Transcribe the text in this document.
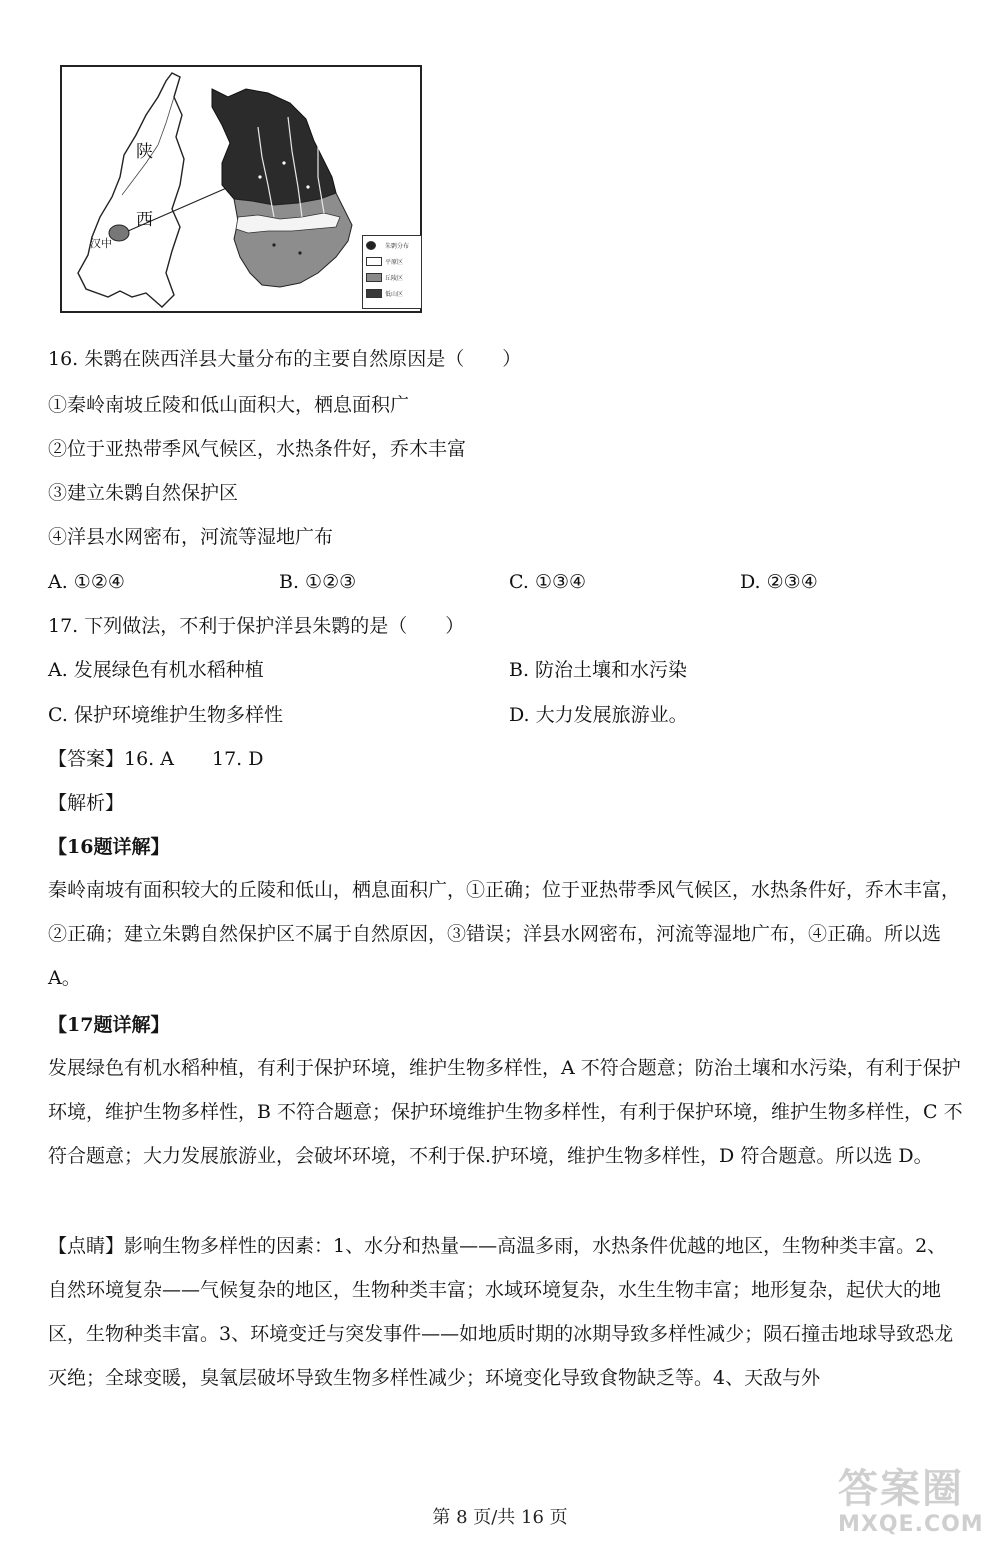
陕
西
汉中	朱鹮分布
平原区
丘陵区
低山区
16. 朱鹮在陕西洋县大量分布的主要自然原因是（　　）
①秦岭南坡丘陵和低山面积大，栖息面积广
②位于亚热带季风气候区，水热条件好，乔木丰富
③建立朱鹮自然保护区
④洋县水网密布，河流等湿地广布
A. ①②④	B. ①②③	C. ①③④	D. ②③④
17. 下列做法，不利于保护洋县朱鹮的是（　　）
A. 发展绿色有机水稻种植	B. 防治土壤和水污染
C. 保护环境维护生物多样性	D. 大力发展旅游业。
【答案】16. A　　17. D
【解析】
【16题详解】
秦岭南坡有面积较大的丘陵和低山，栖息面积广，①正确；位于亚热带季风气候区，水热条件好，乔木丰富，②正确；建立朱鹮自然保护区不属于自然原因，③错误；洋县水网密布，河流等湿地广布，④正确。所以选 A。
【17题详解】
发展绿色有机水稻种植，有利于保护环境，维护生物多样性，A 不符合题意；防治土壤和水污染，有利于保护环境，维护生物多样性，B 不符合题意；保护环境维护生物多样性，有利于保护环境，维护生物多样性，C 不符合题意；大力发展旅游业，会破坏环境，不利于保.护环境，维护生物多样性，D 符合题意。所以选 D。
【点睛】影响生物多样性的因素：1、水分和热量——高温多雨，水热条件优越的地区，生物种类丰富。2、自然环境复杂——气候复杂的地区，生物种类丰富；水域环境复杂，水生生物丰富；地形复杂，起伏大的地区，生物种类丰富。3、环境变迁与突发事件——如地质时期的冰期导致多样性减少；陨石撞击地球导致恐龙灭绝；全球变暖，臭氧层破坏导致生物多样性减少；环境变化导致食物缺乏等。4、天敌与外
第 8 页/共 16 页
答案圈
MXQE.COM
